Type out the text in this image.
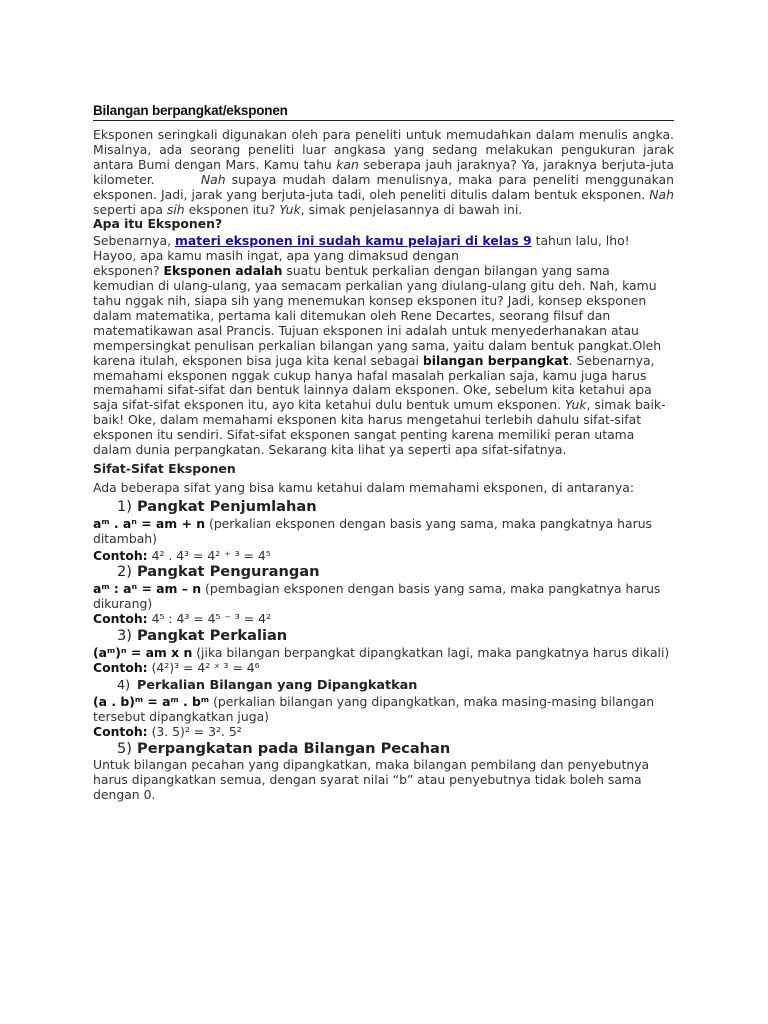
Bilangan berpangkat/eksponen

Eksponen seringkali digunakan oleh para peneliti untuk memudahkan dalam menulis angka. Misalnya, ada seorang peneliti luar angkasa yang sedang melakukan pengukuran jarak antara Bumi dengan Mars. Kamu tahu kan seberapa jauh jaraknya? Ya, jaraknya berjuta-juta kilometer.	Nah supaya mudah dalam menulisnya, maka para peneliti menggunakan eksponen. Jadi, jarak yang berjuta-juta tadi, oleh peneliti ditulis dalam bentuk eksponen. Nah seperti apa sih eksponen itu? Yuk, simak penjelasannya di bawah ini.

Apa itu Eksponen?

Sebenarnya, materi eksponen ini sudah kamu pelajari di kelas 9 tahun lalu, lho! Hayoo, apa kamu masih ingat, apa yang dimaksud dengan
eksponen? Eksponen adalah suatu bentuk perkalian dengan bilangan yang sama kemudian di ulang-ulang, yaa semacam perkalian yang diulang-ulang gitu deh. Nah, kamu tahu nggak nih, siapa sih yang menemukan konsep eksponen itu? Jadi, konsep eksponen dalam matematika, pertama kali ditemukan oleh Rene Decartes, seorang filsuf dan matematikawan asal Prancis. Tujuan eksponen ini adalah untuk menyederhanakan atau mempersingkat penulisan perkalian bilangan yang sama, yaitu dalam bentuk pangkat.Oleh karena itulah, eksponen bisa juga kita kenal sebagai bilangan berpangkat. Sebenarnya, memahami eksponen nggak cukup hanya hafal masalah perkalian saja, kamu juga harus memahami sifat-sifat dan bentuk lainnya dalam eksponen. Oke, sebelum kita ketahui apa saja sifat-sifat eksponen itu, ayo kita ketahui dulu bentuk umum eksponen. Yuk, simak baik-baik! Oke, dalam memahami eksponen kita harus mengetahui terlebih dahulu sifat-sifat eksponen itu sendiri. Sifat-sifat eksponen sangat penting karena memiliki peran utama dalam dunia perpangkatan. Sekarang kita lihat ya seperti apa sifat-sifatnya.

Sifat-Sifat Eksponen

Ada beberapa sifat yang bisa kamu ketahui dalam memahami eksponen, di antaranya:

1) Pangkat Penjumlahan

aᵐ . aⁿ = am + n (perkalian eksponen dengan basis yang sama, maka pangkatnya harus ditambah)

Contoh: 4² . 4³ = 4² ⁺ ³ = 4⁵

2) Pangkat Pengurangan

aᵐ : aⁿ = am – n (pembagian eksponen dengan basis yang sama, maka pangkatnya harus dikurang)

Contoh: 4⁵ : 4³ = 4⁵ ⁻ ³ = 4²

3) Pangkat Perkalian

(aᵐ)ⁿ = am x n (jika bilangan berpangkat dipangkatkan lagi, maka pangkatnya harus dikali)

Contoh: (4²)³ = 4² ˣ ³ = 4⁶

4) Perkalian Bilangan yang Dipangkatkan

(a . b)ᵐ = aᵐ . bᵐ (perkalian bilangan yang dipangkatkan, maka masing-masing bilangan tersebut dipangkatkan juga)

Contoh: (3. 5)² = 3². 5²

5) Perpangkatan pada Bilangan Pecahan

Untuk bilangan pecahan yang dipangkatkan, maka bilangan pembilang dan penyebutnya harus dipangkatkan semua, dengan syarat nilai “b” atau penyebutnya tidak boleh sama dengan 0.
